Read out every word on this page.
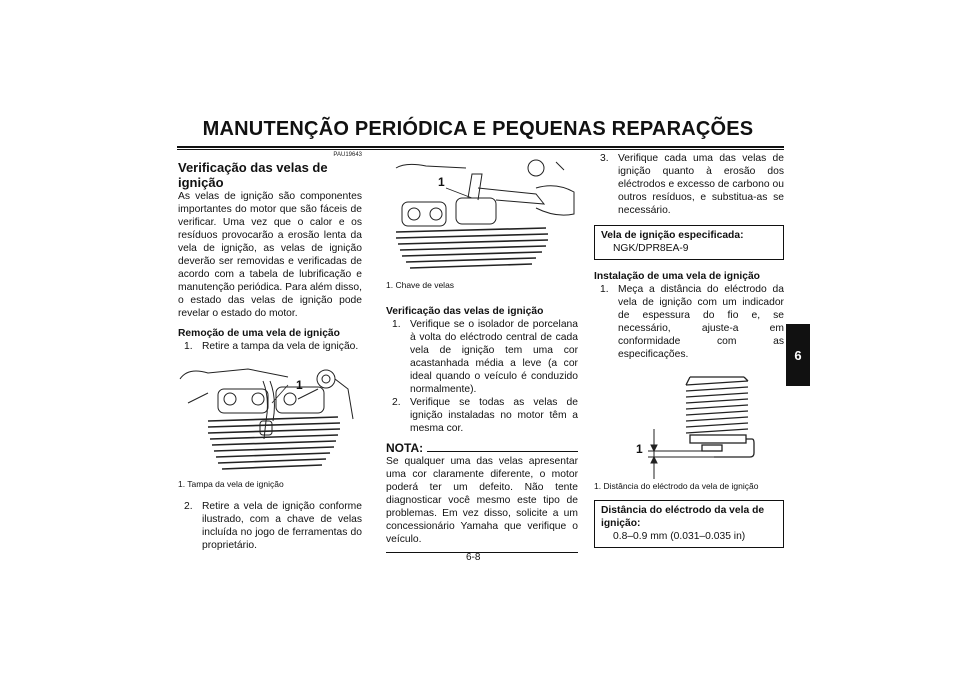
MANUTENÇÃO PERIÓDICA E PEQUENAS REPARAÇÕES
6
PAU19643
Verificação das velas de ignição
As velas de ignição são componentes importantes do motor que são fáceis de verificar. Uma vez que o calor e os resíduos provocarão a erosão lenta da vela de ignição, as velas de ignição deverão ser removidas e verificadas de acordo com a tabela de lubrificação e manutenção periódica. Para além disso, o estado das velas de ignição pode revelar o estado do motor.
Remoção de uma vela de ignição
1. Retire a tampa da vela de ignição.
1
1. Tampa da vela de ignição
2. Retire a vela de ignição conforme ilustrado, com a chave de velas incluída no jogo de ferramentas do proprietário.
1
1. Chave de velas
Verificação das velas de ignição
1. Verifique se o isolador de porcelana à volta do eléctrodo central de cada vela de ignição tem uma cor acastanhada média a leve (a cor ideal quando o veículo é conduzido normalmente).
2. Verifique se todas as velas de ignição instaladas no motor têm a mesma cor.
NOTA:
Se qualquer uma das velas apresentar uma cor claramente diferente, o motor poderá ter um defeito. Não tente diagnosticar você mesmo este tipo de problemas. Em vez disso, solicite a um concessionário Yamaha que verifique o veículo.
3. Verifique cada uma das velas de ignição quanto à erosão dos eléctrodos e excesso de carbono ou outros resíduos, e substitua-as se necessário.
Vela de ignição especificada:
NGK/DPR8EA-9
Instalação de uma vela de ignição
1. Meça a distância do eléctrodo da vela de ignição com um indicador de espessura do fio e, se necessário, ajuste-a em conformidade com as especificações.
1
1. Distância do eléctrodo da vela de ignição
Distância do eléctrodo da vela de ignição:
0.8–0.9 mm (0.031–0.035 in)
6-8
